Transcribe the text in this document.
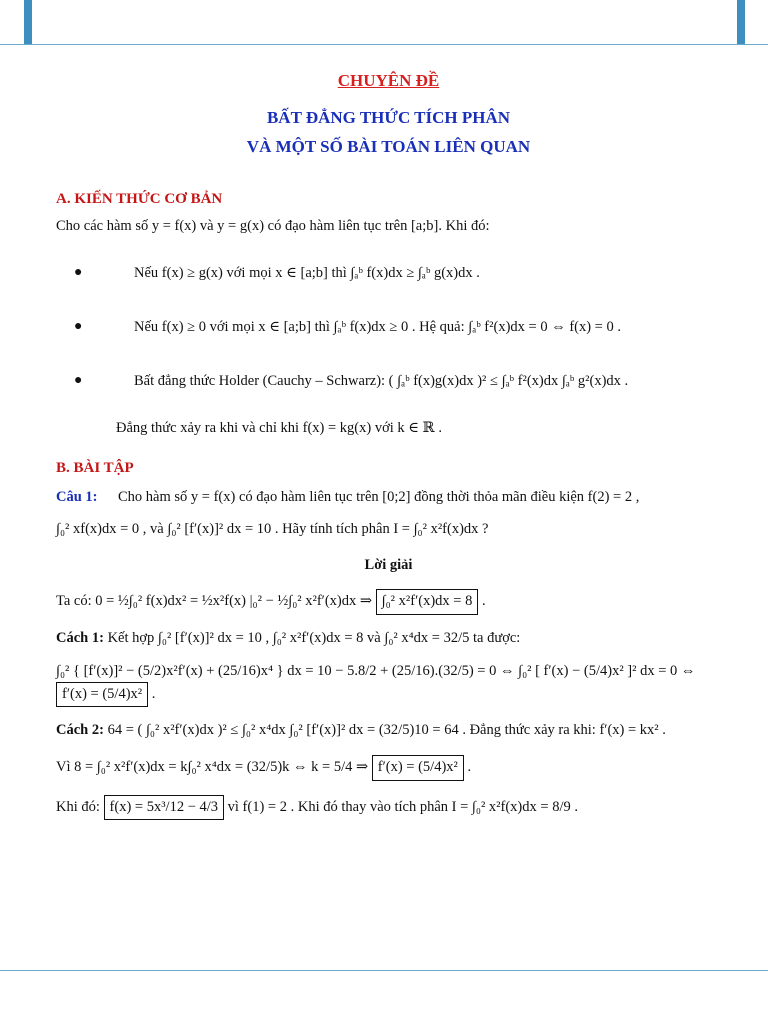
CHUYÊN ĐỀ
BẤT ĐẲNG THỨC TÍCH PHÂN
VÀ MỘT SỐ BÀI TOÁN LIÊN QUAN
A. KIẾN THỨC CƠ BẢN
Cho các hàm số y = f(x) và y = g(x) có đạo hàm liên tục trên [a;b]. Khi đó:
●	Nếu f(x) ≥ g(x) với mọi x ∈ [a;b] thì ∫ₐᵇ f(x)dx ≥ ∫ₐᵇ g(x)dx .
●	Nếu f(x) ≥ 0 với mọi x ∈ [a;b] thì ∫ₐᵇ f(x)dx ≥ 0 . Hệ quả: ∫ₐᵇ f²(x)dx = 0 ⇔ f(x) = 0 .
●	Bất đẳng thức Holder (Cauchy – Schwarz): ( ∫ₐᵇ f(x)g(x)dx )² ≤ ∫ₐᵇ f²(x)dx ∫ₐᵇ g²(x)dx .
Đẳng thức xảy ra khi và chỉ khi f(x) = kg(x) với k ∈ ℝ .
B. BÀI TẬP
Câu 1:	Cho hàm số y = f(x) có đạo hàm liên tục trên [0;2] đồng thời thỏa mãn điều kiện f(2) = 2 ,
∫₀² xf(x)dx = 0 , và ∫₀² [f′(x)]² dx = 10 . Hãy tính tích phân I = ∫₀² x²f(x)dx ?
Lời giải
Ta có: 0 = ½∫₀² f(x)dx² = ½x²f(x) |₀² − ½∫₀² x²f′(x)dx ⇒ ∫₀² x²f′(x)dx = 8 .
Cách 1: Kết hợp ∫₀² [f′(x)]² dx = 10 , ∫₀² x²f′(x)dx = 8 và ∫₀² x⁴dx = 32/5 ta được:
∫₀² { [f′(x)]² − (5/2)x²f′(x) + (25/16)x⁴ } dx = 10 − 5.8/2 + (25/16).(32/5) = 0 ⇔ ∫₀² [ f′(x) − (5/4)x² ]² dx = 0 ⇔ f′(x) = (5/4)x² .
Cách 2: 64 = ( ∫₀² x²f′(x)dx )² ≤ ∫₀² x⁴dx ∫₀² [f′(x)]² dx = (32/5)10 = 64 . Đẳng thức xảy ra khi: f′(x) = kx² .
Vì 8 = ∫₀² x²f′(x)dx = k∫₀² x⁴dx = (32/5)k ⇔ k = 5/4 ⇒ f′(x) = (5/4)x² .
Khi đó: f(x) = 5x³/12 − 4/3 vì f(1) = 2 . Khi đó thay vào tích phân I = ∫₀² x²f(x)dx = 8/9 .
